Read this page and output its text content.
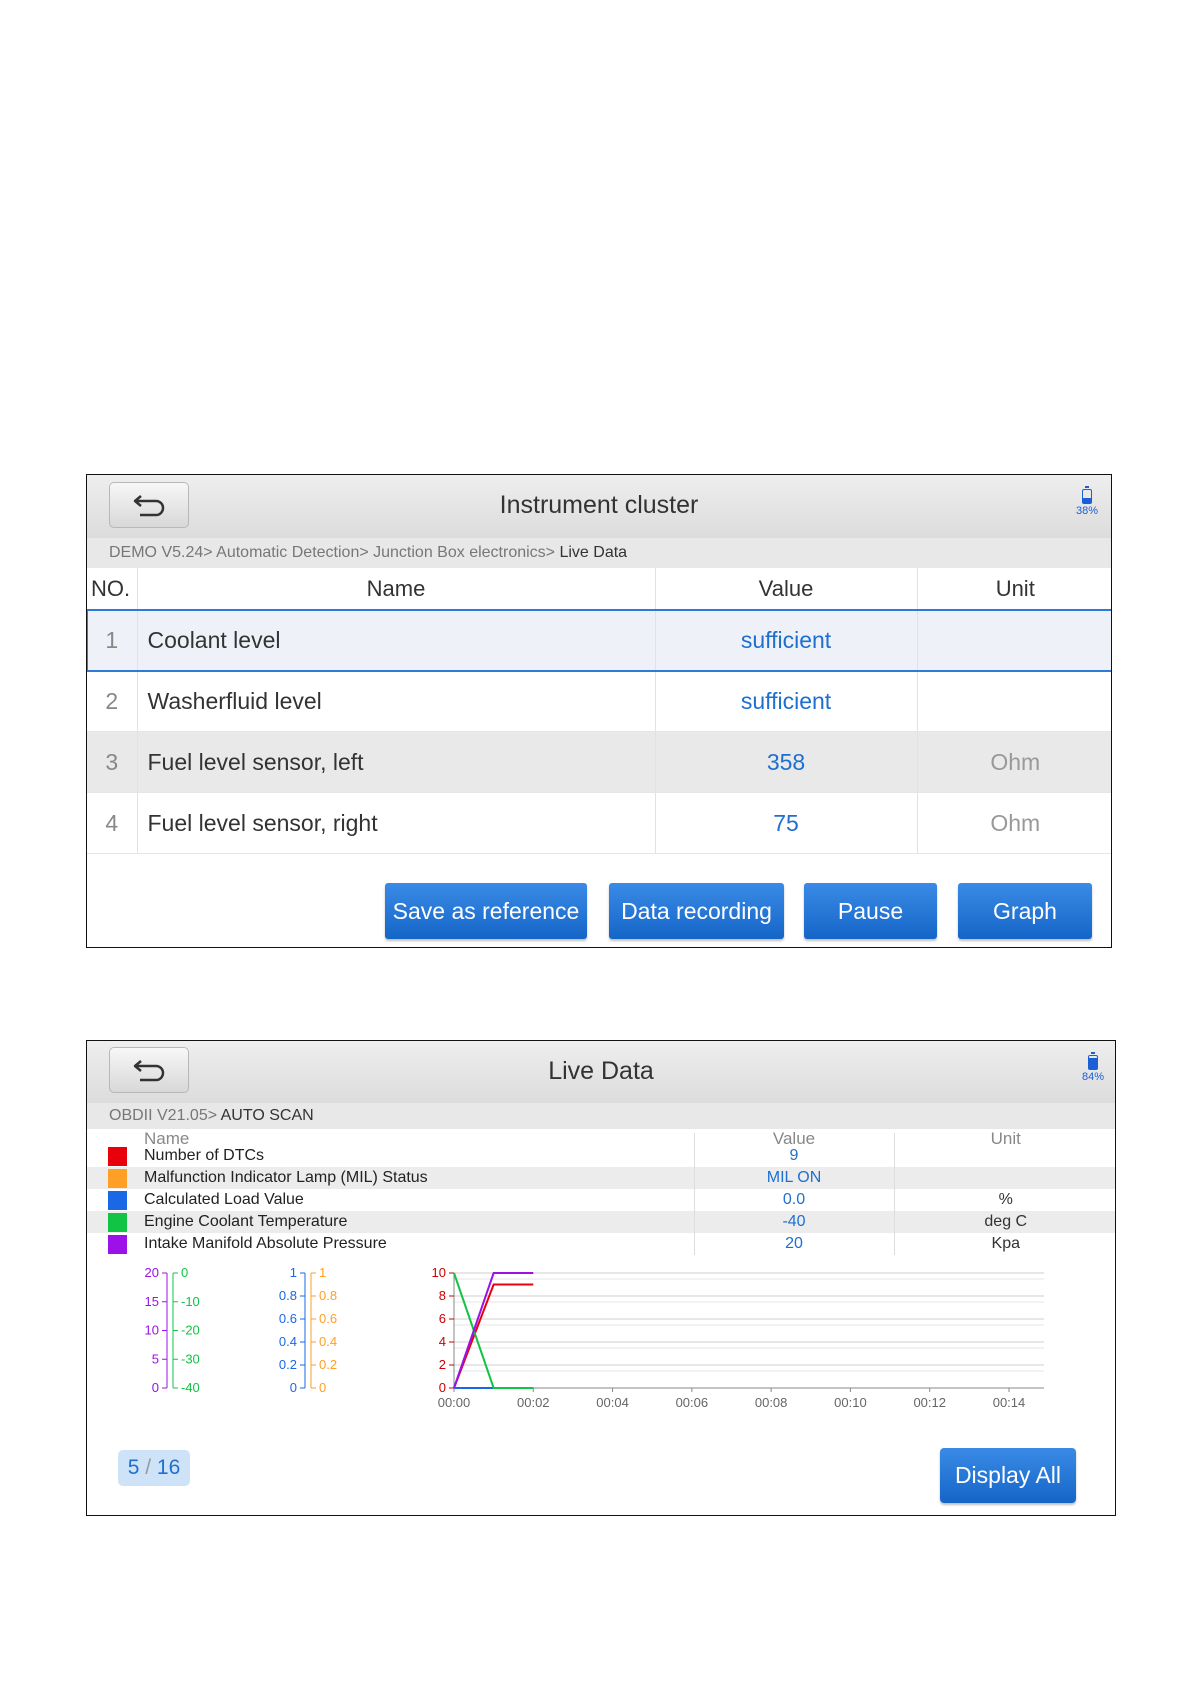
Instrument cluster	38%
DEMO V5.24> Automatic Detection> Junction Box electronics> Live Data
NO.	Name	Value	Unit
1	Coolant level	sufficient	
2	Washerfluid level	sufficient	
3	Fuel level sensor, left	358	Ohm
4	Fuel level sensor, right	75	Ohm
Save as reference	Data recording	Pause	Graph
Live Data	84%
OBDII V21.05> AUTO SCAN
	Name	Value	Unit

	Number of DTCs	9	

	Malfunction Indicator Lamp (MIL) Status	MIL ON	

	Calculated Load Value	0.0	%

	Engine Coolant Temperature	-40	deg C

	Intake Manifold Absolute Pressure	20	Kpa
0
2
4
6
8
10
00:00	00:02	00:04	00:06	00:08	00:10	00:12	00:14
0
5
10
15
20
-40
-30
-20
-10
0
0
0.2
0.4
0.6
0.8
1
0
0.2
0.4
0.6
0.8
1
5 / 16	Display All
